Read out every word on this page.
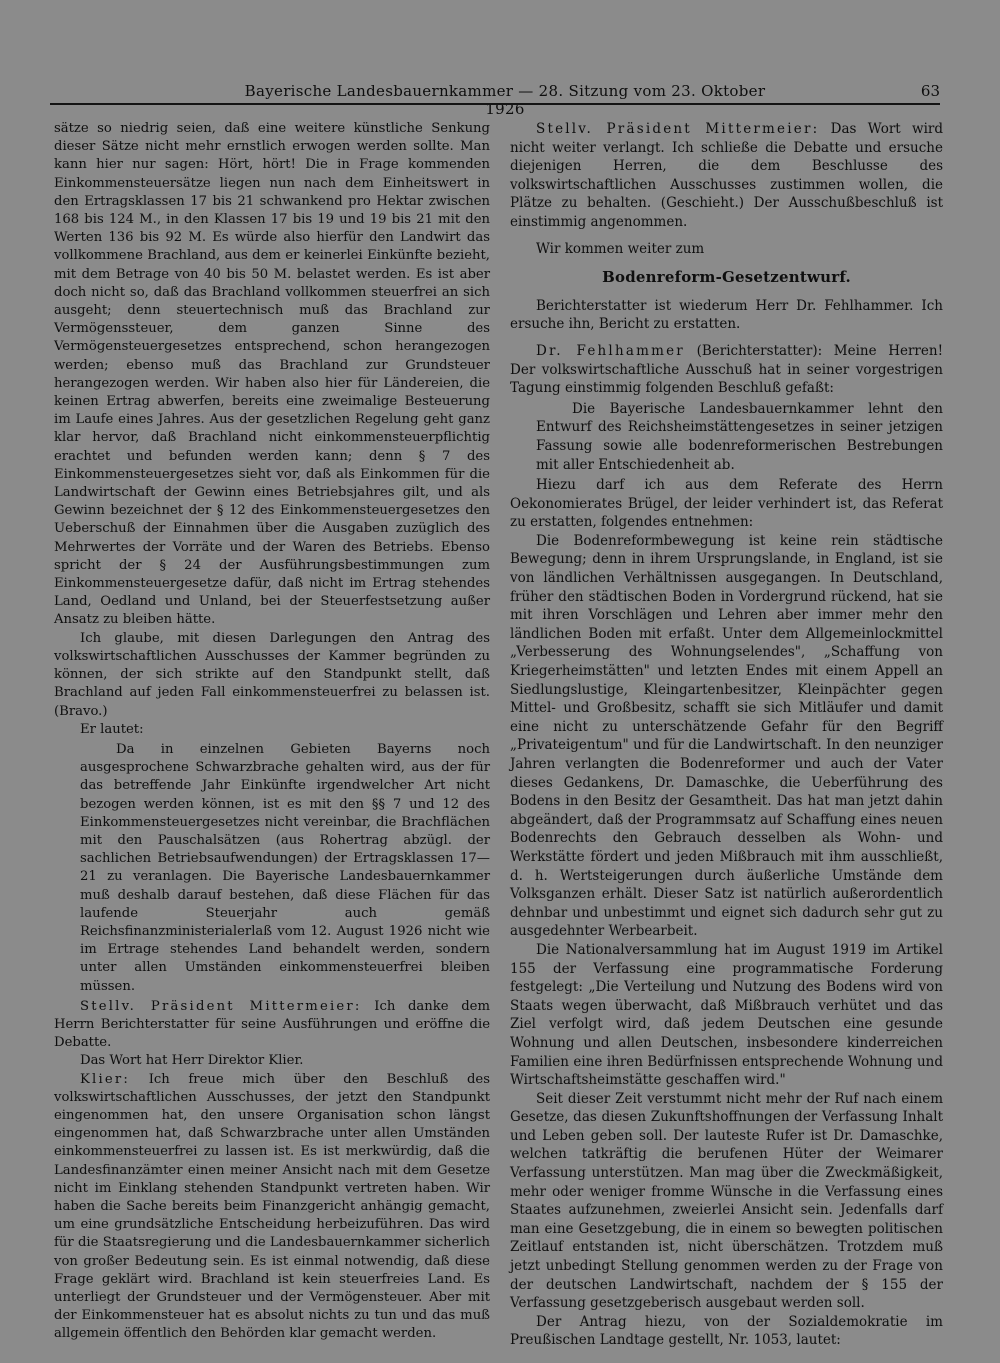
Bayerische Landesbauernkammer — 28. Sitzung vom 23. Oktober 1926
63

sätze so niedrig seien, daß eine weitere künstliche Senkung dieser Sätze nicht mehr ernstlich erwogen werden sollte. Man kann hier nur sagen: Hört, hört! Die in Frage kommenden Einkommensteuersätze liegen nun nach dem Einheitswert in den Ertragsklassen 17 bis 21 schwankend pro Hektar zwischen 168 bis 124 M., in den Klassen 17 bis 19 und 19 bis 21 mit den Werten 136 bis 92 M. Es würde also hierfür den Landwirt das vollkommene Brachland, aus dem er keinerlei Einkünfte bezieht, mit dem Betrage von 40 bis 50 M. belastet werden. Es ist aber doch nicht so, daß das Brachland vollkommen steuerfrei an sich ausgeht; denn steuertechnisch muß das Brachland zur Vermögenssteuer, dem ganzen Sinne des Vermögensteuergesetzes entsprechend, schon herangezogen werden; ebenso muß das Brachland zur Grundsteuer herangezogen werden. Wir haben also hier für Ländereien, die keinen Ertrag abwerfen, bereits eine zweimalige Besteuerung im Laufe eines Jahres. Aus der gesetzlichen Regelung geht ganz klar hervor, daß Brachland nicht einkommensteuerpflichtig erachtet und befunden werden kann; denn § 7 des Einkommensteuergesetzes sieht vor, daß als Einkommen für die Landwirtschaft der Gewinn eines Betriebsjahres gilt, und als Gewinn bezeichnet der § 12 des Einkommensteuergesetzes den Ueberschuß der Einnahmen über die Ausgaben zuzüglich des Mehrwertes der Vorräte und der Waren des Betriebs. Ebenso spricht der § 24 der Ausführungsbestimmungen zum Einkommensteuergesetze dafür, daß nicht im Ertrag stehendes Land, Oedland und Unland, bei der Steuerfestsetzung außer Ansatz zu bleiben hätte.

Ich glaube, mit diesen Darlegungen den Antrag des volkswirtschaftlichen Ausschusses der Kammer begründen zu können, der sich strikte auf den Standpunkt stellt, daß Brachland auf jeden Fall einkommensteuerfrei zu belassen ist. (Bravo.)

Er lautet:

Da in einzelnen Gebieten Bayerns noch ausgesprochene Schwarzbrache gehalten wird, aus der für das betreffende Jahr Einkünfte irgendwelcher Art nicht bezogen werden können, ist es mit den §§ 7 und 12 des Einkommensteuergesetzes nicht vereinbar, die Brachflächen mit den Pauschalsätzen (aus Rohertrag abzügl. der sachlichen Betriebsaufwendungen) der Ertragsklassen 17—21 zu veranlagen. Die Bayerische Landesbauernkammer muß deshalb darauf bestehen, daß diese Flächen für das laufende Steuerjahr auch gemäß Reichsfinanzministerialerlaß vom 12. August 1926 nicht wie im Ertrage stehendes Land behandelt werden, sondern unter allen Umständen einkommensteuerfrei bleiben müssen.

Stellv. Präsident Mittermeier: Ich danke dem Herrn Berichterstatter für seine Ausführungen und eröffne die Debatte.

Das Wort hat Herr Direktor Klier.

Klier: Ich freue mich über den Beschluß des volkswirtschaftlichen Ausschusses, der jetzt den Standpunkt eingenommen hat, den unsere Organisation schon längst eingenommen hat, daß Schwarzbrache unter allen Umständen einkommensteuerfrei zu lassen ist. Es ist merkwürdig, daß die Landesfinanzämter einen meiner Ansicht nach mit dem Gesetze nicht im Einklang stehenden Standpunkt vertreten haben. Wir haben die Sache bereits beim Finanzgericht anhängig gemacht, um eine grundsätzliche Entscheidung herbeizuführen. Das wird für die Staatsregierung und die Landesbauernkammer sicherlich von großer Bedeutung sein. Es ist einmal notwendig, daß diese Frage geklärt wird. Brachland ist kein steuerfreies Land. Es unterliegt der Grundsteuer und der Vermögensteuer. Aber mit der Einkommensteuer hat es absolut nichts zu tun und das muß allgemein öffentlich den Behörden klar gemacht werden.

Stellv. Präsident Mittermeier: Das Wort wird nicht weiter verlangt. Ich schließe die Debatte und ersuche diejenigen Herren, die dem Beschlusse des volkswirtschaftlichen Ausschusses zustimmen wollen, die Plätze zu behalten. (Geschieht.) Der Ausschußbeschluß ist einstimmig angenommen.

Wir kommen weiter zum

Bodenreform-Gesetzentwurf.

Berichterstatter ist wiederum Herr Dr. Fehlhammer. Ich ersuche ihn, Bericht zu erstatten.

Dr. Fehlhammer (Berichterstatter): Meine Herren! Der volkswirtschaftliche Ausschuß hat in seiner vorgestrigen Tagung einstimmig folgenden Beschluß gefaßt:

Die Bayerische Landesbauernkammer lehnt den Entwurf des Reichsheimstättengesetzes in seiner jetzigen Fassung sowie alle bodenreformerischen Bestrebungen mit aller Entschiedenheit ab.

Hiezu darf ich aus dem Referate des Herrn Oekonomierates Brügel, der leider verhindert ist, das Referat zu erstatten, folgendes entnehmen:

Die Bodenreformbewegung ist keine rein städtische Bewegung; denn in ihrem Ursprungslande, in England, ist sie von ländlichen Verhältnissen ausgegangen. In Deutschland, früher den städtischen Boden in Vordergrund rückend, hat sie mit ihren Vorschlägen und Lehren aber immer mehr den ländlichen Boden mit erfaßt. Unter dem Allgemeinlockmittel „Verbesserung des Wohnungselendes", „Schaffung von Kriegerheimstätten" und letzten Endes mit einem Appell an Siedlungslustige, Kleingartenbesitzer, Kleinpächter gegen Mittel- und Großbesitz, schafft sie sich Mitläufer und damit eine nicht zu unterschätzende Gefahr für den Begriff „Privateigentum" und für die Landwirtschaft. In den neunziger Jahren verlangten die Bodenreformer und auch der Vater dieses Gedankens, Dr. Damaschke, die Ueberführung des Bodens in den Besitz der Gesamtheit. Das hat man jetzt dahin abgeändert, daß der Programmsatz auf Schaffung eines neuen Bodenrechts den Gebrauch desselben als Wohn- und Werkstätte fördert und jeden Mißbrauch mit ihm ausschließt, d. h. Wertsteigerungen durch äußerliche Umstände dem Volksganzen erhält. Dieser Satz ist natürlich außerordentlich dehnbar und unbestimmt und eignet sich dadurch sehr gut zu ausgedehnter Werbearbeit.

Die Nationalversammlung hat im August 1919 im Artikel 155 der Verfassung eine programmatische Forderung festgelegt: „Die Verteilung und Nutzung des Bodens wird von Staats wegen überwacht, daß Mißbrauch verhütet und das Ziel verfolgt wird, daß jedem Deutschen eine gesunde Wohnung und allen Deutschen, insbesondere kinderreichen Familien eine ihren Bedürfnissen entsprechende Wohnung und Wirtschaftsheimstätte geschaffen wird."

Seit dieser Zeit verstummt nicht mehr der Ruf nach einem Gesetze, das diesen Zukunftshoffnungen der Verfassung Inhalt und Leben geben soll. Der lauteste Rufer ist Dr. Damaschke, welchen tatkräftig die berufenen Hüter der Weimarer Verfassung unterstützen. Man mag über die Zweckmäßigkeit, mehr oder weniger fromme Wünsche in die Verfassung eines Staates aufzunehmen, zweierlei Ansicht sein. Jedenfalls darf man eine Gesetzgebung, die in einem so bewegten politischen Zeitlauf entstanden ist, nicht überschätzen. Trotzdem muß jetzt unbedingt Stellung genommen werden zu der Frage von der deutschen Landwirtschaft, nachdem der § 155 der Verfassung gesetzgeberisch ausgebaut werden soll.

Der Antrag hiezu, von der Sozialdemokratie im Preußischen Landtage gestellt, Nr. 1053, lautet:
